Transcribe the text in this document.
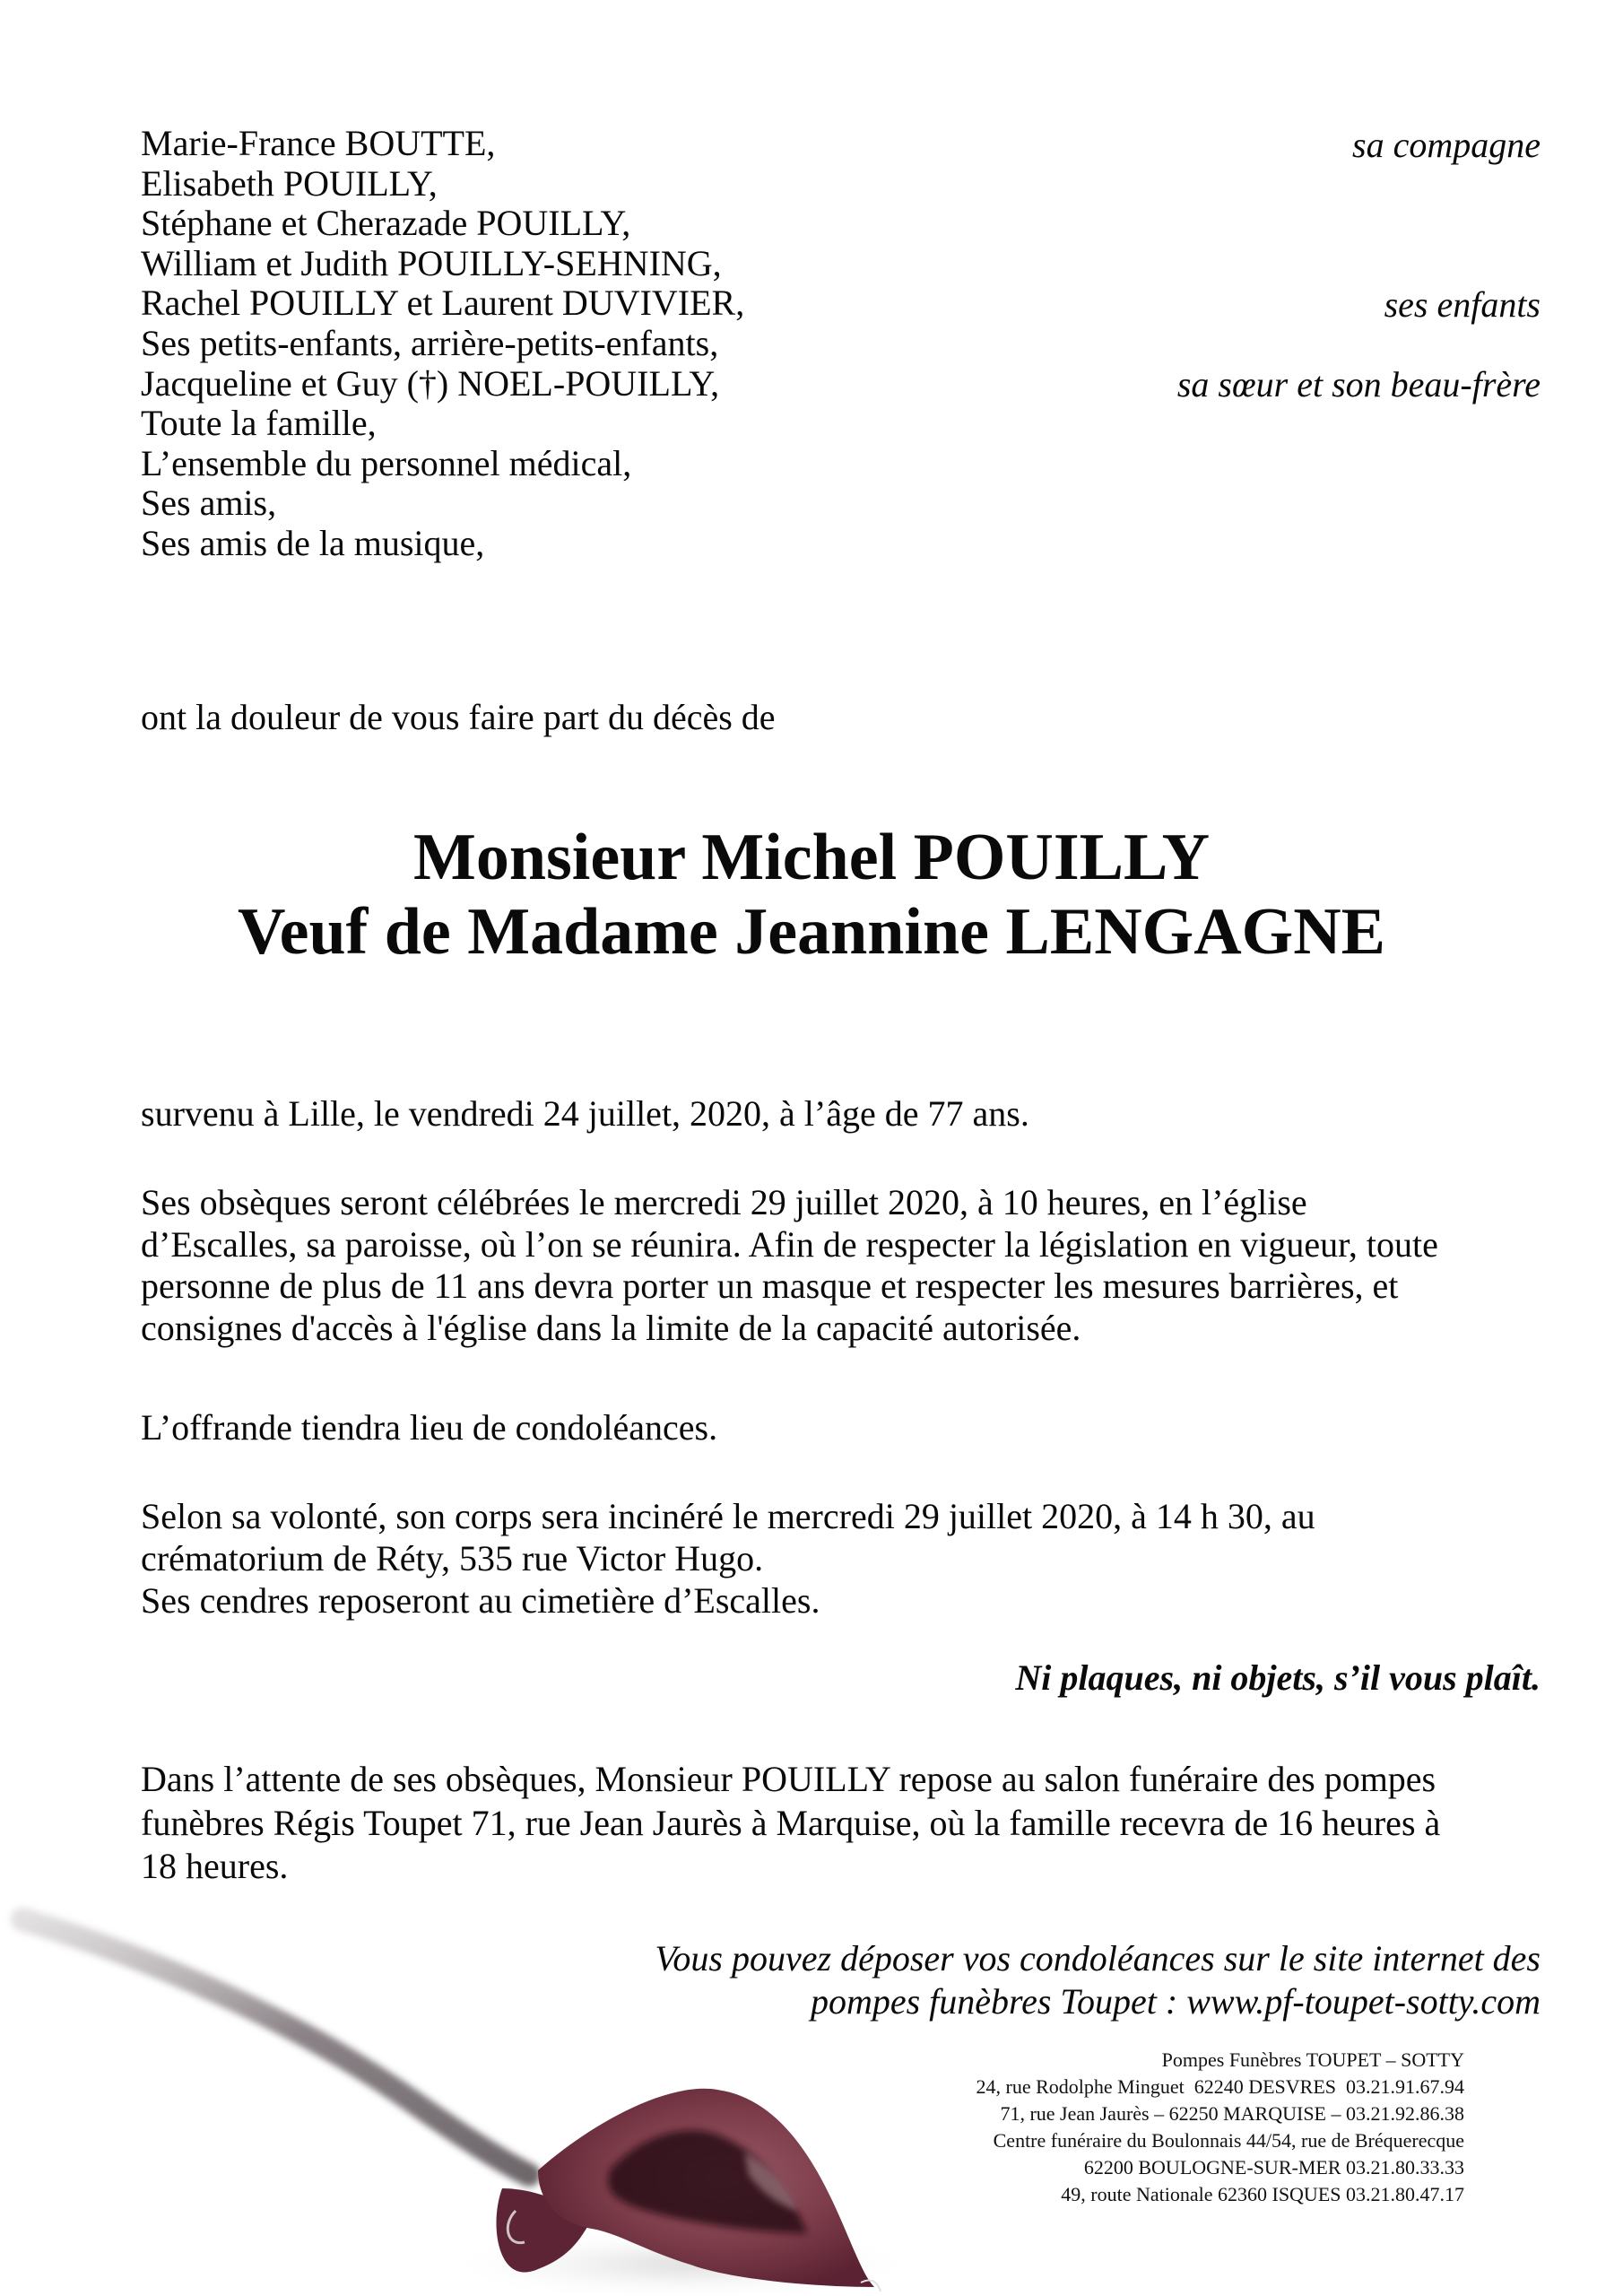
Marie-France BOUTTE,
Elisabeth POUILLY,
Stéphane et Cherazade POUILLY,
William et Judith POUILLY-SEHNING,
Rachel POUILLY et Laurent DUVIVIER,
Ses petits-enfants, arrière-petits-enfants,
Jacqueline et Guy (†) NOEL-POUILLY,
Toute la famille,
L’ensemble du personnel médical,
Ses amis,
Ses amis de la musique,
sa compagne
ses enfants
sa sœur et son beau-frère
ont la douleur de vous faire part du décès de
Monsieur Michel POUILLY
Veuf de Madame Jeannine LENGAGNE
survenu à Lille, le vendredi 24 juillet, 2020, à l’âge de 77 ans.
Ses obsèques seront célébrées le mercredi 29 juillet 2020, à 10 heures, en l’église
d’Escalles, sa paroisse, où l’on se réunira. Afin de respecter la législation en vigueur, toute
personne de plus de 11 ans devra porter un masque et respecter les mesures barrières, et
consignes d'accès à l'église dans la limite de la capacité autorisée.
L’offrande tiendra lieu de condoléances.
Selon sa volonté, son corps sera incinéré le mercredi 29 juillet 2020, à 14 h 30, au
crématorium de Réty, 535 rue Victor Hugo.
Ses cendres reposeront au cimetière d’Escalles.
Ni plaques, ni objets, s’il vous plaît.
Dans l’attente de ses obsèques, Monsieur POUILLY repose au salon funéraire des pompes
funèbres Régis Toupet 71, rue Jean Jaurès à Marquise, où la famille recevra de 16 heures à
18 heures.
Vous pouvez déposer vos condoléances sur le site internet des
pompes funèbres Toupet : www.pf-toupet-sotty.com
Pompes Funèbres TOUPET – SOTTY
24, rue Rodolphe Minguet  62240 DESVRES  03.21.91.67.94
71, rue Jean Jaurès – 62250 MARQUISE – 03.21.92.86.38
Centre funéraire du Boulonnais 44/54, rue de Bréquerecque
62200 BOULOGNE-SUR-MER 03.21.80.33.33
49, route Nationale 62360 ISQUES 03.21.80.47.17
